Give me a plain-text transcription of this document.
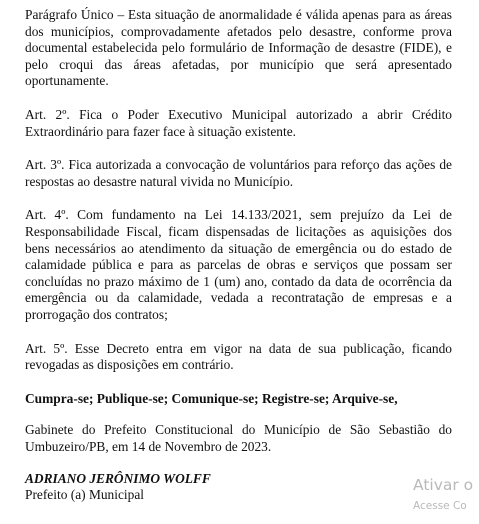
Parágrafo Único – Esta situação de anormalidade é válida apenas para as áreas dos municípios, comprovadamente afetados pelo desastre, conforme prova documental estabelecida pelo formulário de Informação de desastre (FIDE), e pelo croqui das áreas afetadas, por município que será apresentado oportunamente.

Art. 2º. Fica o Poder Executivo Municipal autorizado a abrir Crédito Extraordinário para fazer face à situação existente.

Art. 3º. Fica autorizada a convocação de voluntários para reforço das ações de respostas ao desastre natural vivida no Município.

Art. 4º. Com fundamento na Lei 14.133/2021, sem prejuízo da Lei de Responsabilidade Fiscal, ficam dispensadas de licitações as aquisições dos bens necessários ao atendimento da situação de emergência ou do estado de calamidade pública e para as parcelas de obras e serviços que possam ser concluídas no prazo máximo de 1 (um) ano, contado da data de ocorrência da emergência ou da calamidade, vedada a recontratação de empresas e a prorrogação dos contratos;

Art. 5º. Esse Decreto entra em vigor na data de sua publicação, ficando revogadas as disposições em contrário.

Cumpra-se; Publique-se; Comunique-se; Registre-se; Arquive-se,

Gabinete do Prefeito Constitucional do Município de São Sebastião do Umbuzeiro/PB, em 14 de Novembro de 2023.

ADRIANO JERÔNIMO WOLFF

Prefeito (a) Municipal

Ativar o
Acesse Co
